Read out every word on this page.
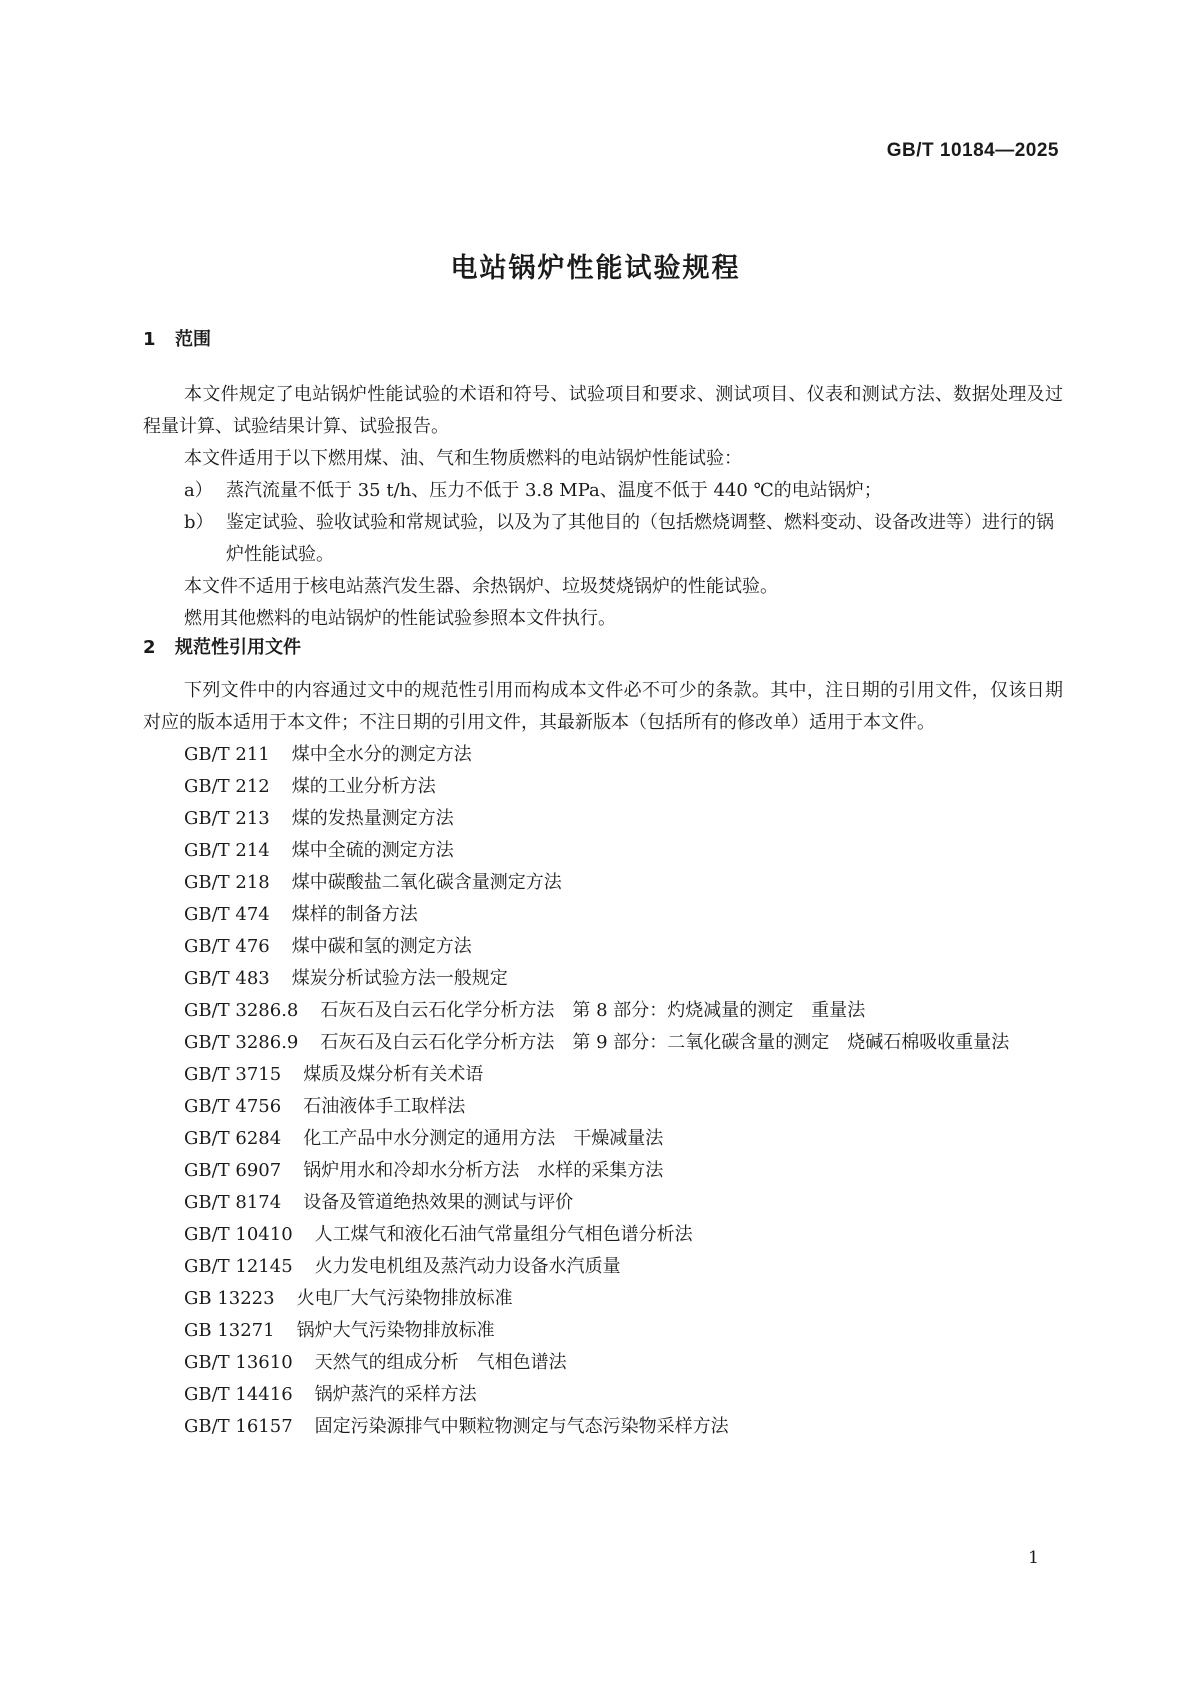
GB/T 10184—2025
电站锅炉性能试验规程
1 范围

本文件规定了电站锅炉性能试验的术语和符号、试验项目和要求、测试项目、仪表和测试方法、数据处理及过程量计算、试验结果计算、试验报告。

本文件适用于以下燃用煤、油、气和生物质燃料的电站锅炉性能试验：

a） 蒸汽流量不低于 35 t/h、压力不低于 3.8 MPa、温度不低于 440 ℃的电站锅炉；

b） 鉴定试验、验收试验和常规试验，以及为了其他目的（包括燃烧调整、燃料变动、设备改进等）进行的锅炉性能试验。

本文件不适用于核电站蒸汽发生器、余热锅炉、垃圾焚烧锅炉的性能试验。

燃用其他燃料的电站锅炉的性能试验参照本文件执行。

2 规范性引用文件

下列文件中的内容通过文中的规范性引用而构成本文件必不可少的条款。其中，注日期的引用文件，仅该日期对应的版本适用于本文件；不注日期的引用文件，其最新版本（包括所有的修改单）适用于本文件。

GB/T 211 煤中全水分的测定方法

GB/T 212 煤的工业分析方法

GB/T 213 煤的发热量测定方法

GB/T 214 煤中全硫的测定方法

GB/T 218 煤中碳酸盐二氧化碳含量测定方法

GB/T 474 煤样的制备方法

GB/T 476 煤中碳和氢的测定方法

GB/T 483 煤炭分析试验方法一般规定

GB/T 3286.8 石灰石及白云石化学分析方法　第 8 部分：灼烧减量的测定　重量法

GB/T 3286.9 石灰石及白云石化学分析方法　第 9 部分：二氧化碳含量的测定　烧碱石棉吸收重量法

GB/T 3715 煤质及煤分析有关术语

GB/T 4756 石油液体手工取样法

GB/T 6284 化工产品中水分测定的通用方法　干燥减量法

GB/T 6907 锅炉用水和冷却水分析方法　水样的采集方法

GB/T 8174 设备及管道绝热效果的测试与评价

GB/T 10410 人工煤气和液化石油气常量组分气相色谱分析法

GB/T 12145 火力发电机组及蒸汽动力设备水汽质量

GB 13223 火电厂大气污染物排放标准

GB 13271 锅炉大气污染物排放标准

GB/T 13610 天然气的组成分析　气相色谱法

GB/T 14416 锅炉蒸汽的采样方法

GB/T 16157 固定污染源排气中颗粒物测定与气态污染物采样方法

1
